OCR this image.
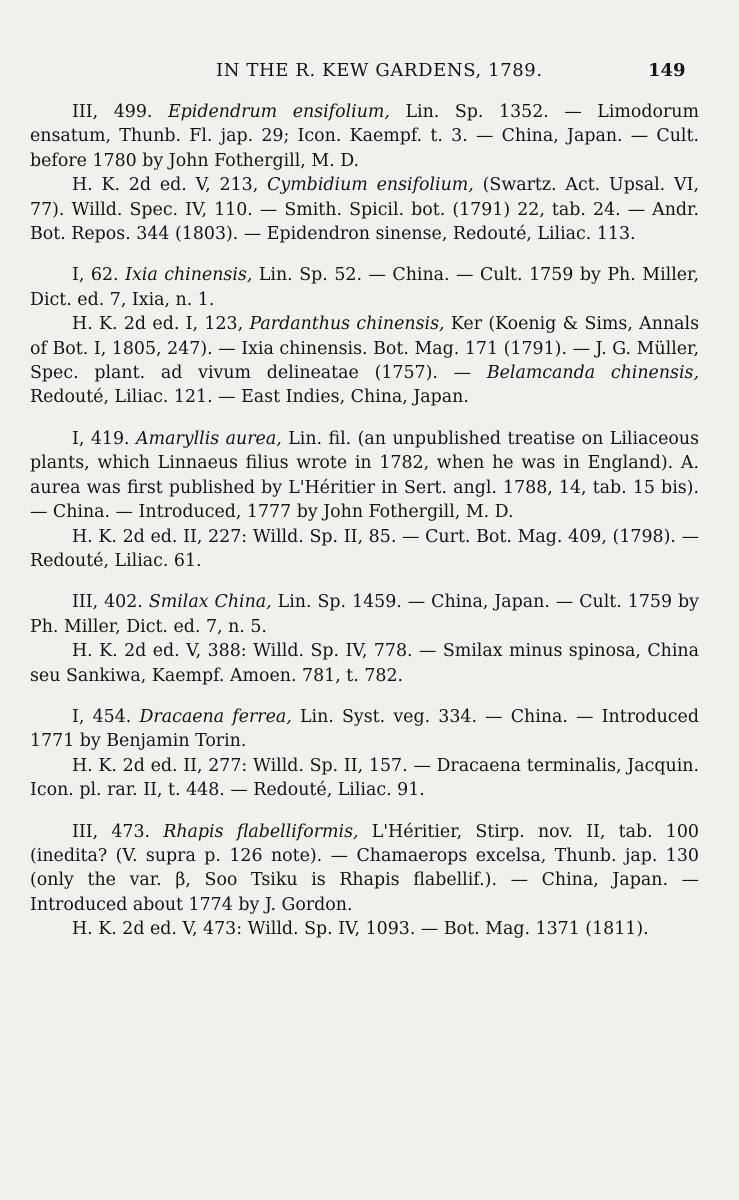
IN THE R. KEW GARDENS, 1789.	149

III, 499. Epidendrum ensifolium, Lin. Sp. 1352. — Limodorum ensatum, Thunb. Fl. jap. 29; Icon. Kaempf. t. 3. — China, Japan. — Cult. before 1780 by John Fothergill, M. D.

H. K. 2d ed. V, 213, Cymbidium ensifolium, (Swartz. Act. Upsal. VI, 77). Willd. Spec. IV, 110. — Smith. Spicil. bot. (1791) 22, tab. 24. — Andr. Bot. Repos. 344 (1803). — Epidendron sinense, Redouté, Liliac. 113.

I, 62. Ixia chinensis, Lin. Sp. 52. — China. — Cult. 1759 by Ph. Miller, Dict. ed. 7, Ixia, n. 1.

H. K. 2d ed. I, 123, Pardanthus chinensis, Ker (Koenig & Sims, Annals of Bot. I, 1805, 247). — Ixia chinensis. Bot. Mag. 171 (1791). — J. G. Müller, Spec. plant. ad vivum delineatae (1757). — Belamcanda chinensis, Redouté, Liliac. 121. — East Indies, China, Japan.

I, 419. Amaryllis aurea, Lin. fil. (an unpublished treatise on Liliaceous plants, which Linnaeus filius wrote in 1782, when he was in England). A. aurea was first published by L'Héritier in Sert. angl. 1788, 14, tab. 15 bis). — China. — Introduced, 1777 by John Fothergill, M. D.

H. K. 2d ed. II, 227: Willd. Sp. II, 85. — Curt. Bot. Mag. 409, (1798). — Redouté, Liliac. 61.

III, 402. Smilax China, Lin. Sp. 1459. — China, Japan. — Cult. 1759 by Ph. Miller, Dict. ed. 7, n. 5.

H. K. 2d ed. V, 388: Willd. Sp. IV, 778. — Smilax minus spinosa, China seu Sankiwa, Kaempf. Amoen. 781, t. 782.

I, 454. Dracaena ferrea, Lin. Syst. veg. 334. — China. — Introduced 1771 by Benjamin Torin.

H. K. 2d ed. II, 277: Willd. Sp. II, 157. — Dracaena terminalis, Jacquin. Icon. pl. rar. II, t. 448. — Redouté, Liliac. 91.

III, 473. Rhapis flabelliformis, L'Héritier, Stirp. nov. II, tab. 100 (inedita? (V. supra p. 126 note). — Chamaerops excelsa, Thunb. jap. 130 (only the var. β, Soo Tsiku is Rhapis flabellif.). — China, Japan. — Introduced about 1774 by J. Gordon.

H. K. 2d ed. V, 473: Willd. Sp. IV, 1093. — Bot. Mag. 1371 (1811).
